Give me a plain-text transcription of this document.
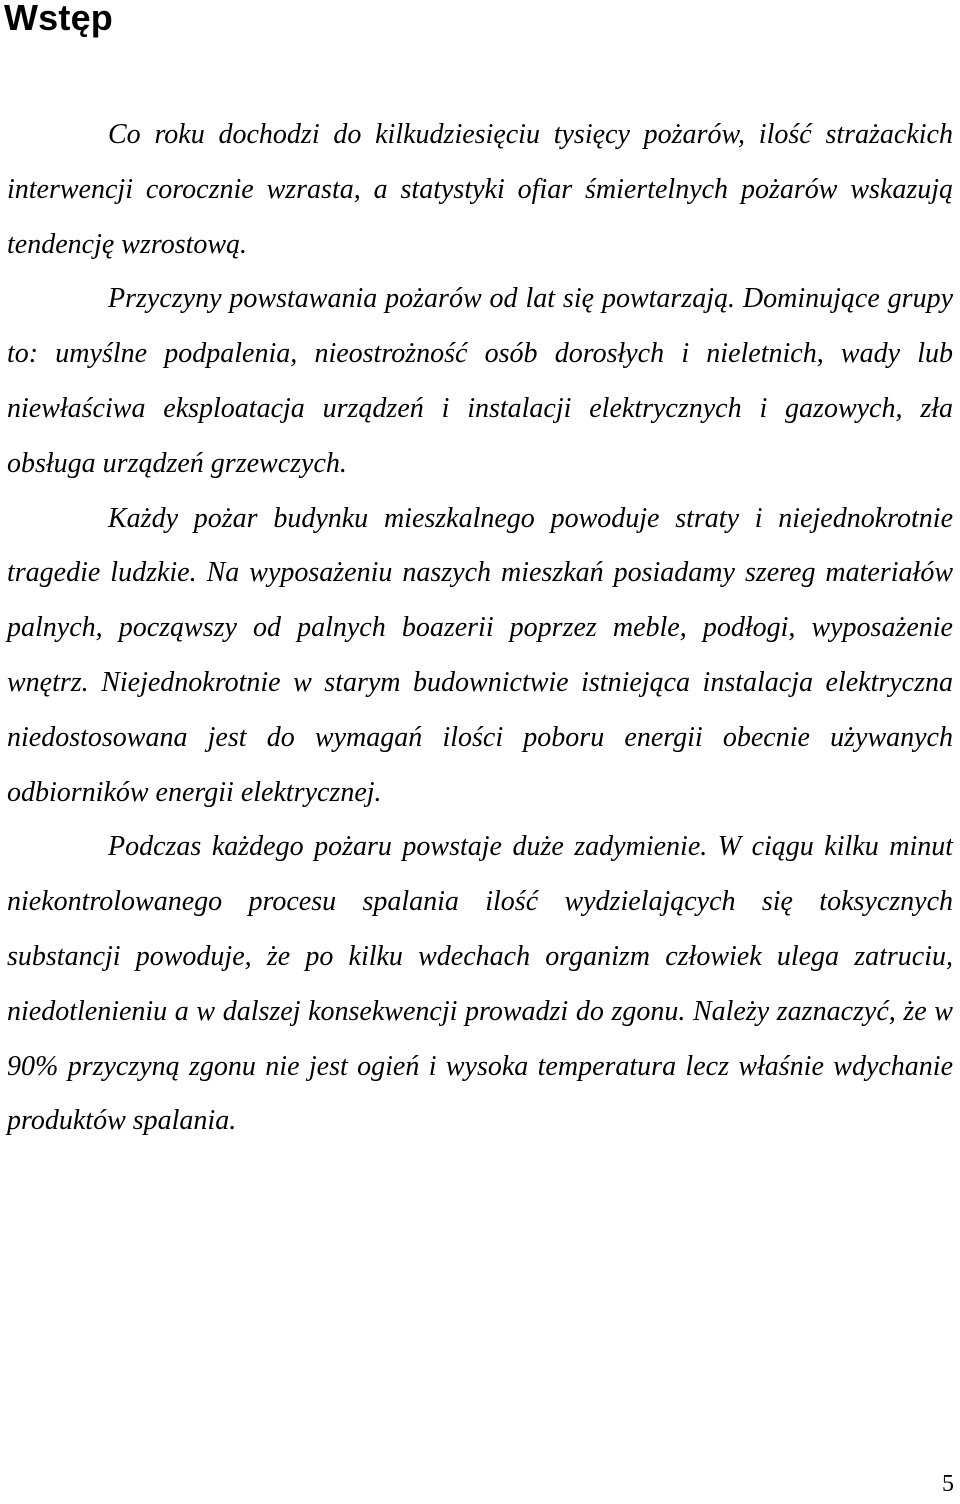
Wstęp

Co roku dochodzi do kilkudziesięciu tysięcy pożarów, ilość strażackich interwencji corocznie wzrasta, a statystyki ofiar śmiertelnych pożarów wskazują tendencję wzrostową.

Przyczyny powstawania pożarów od lat się powtarzają. Dominujące grupy to: umyślne podpalenia, nieostrożność osób dorosłych i nieletnich, wady lub niewłaściwa eksploatacja urządzeń i instalacji elektrycznych i gazowych, zła obsługa urządzeń grzewczych.

Każdy pożar budynku mieszkalnego powoduje straty i niejednokrotnie tragedie ludzkie. Na wyposażeniu naszych mieszkań posiadamy szereg materiałów palnych, począwszy od palnych boazerii poprzez meble, podłogi, wyposażenie wnętrz. Niejednokrotnie w starym budownictwie istniejąca instalacja elektryczna niedostosowana jest do wymagań ilości poboru energii obecnie używanych odbiorników energii elektrycznej.

Podczas każdego pożaru powstaje duże zadymienie. W ciągu kilku minut niekontrolowanego procesu spalania ilość wydzielających się toksycznych substancji powoduje, że po kilku wdechach organizm człowiek ulega zatruciu, niedotlenieniu a w dalszej konsekwencji prowadzi do zgonu. Należy zaznaczyć, że w 90% przyczyną zgonu nie jest ogień i wysoka temperatura lecz właśnie wdychanie produktów spalania.

5
